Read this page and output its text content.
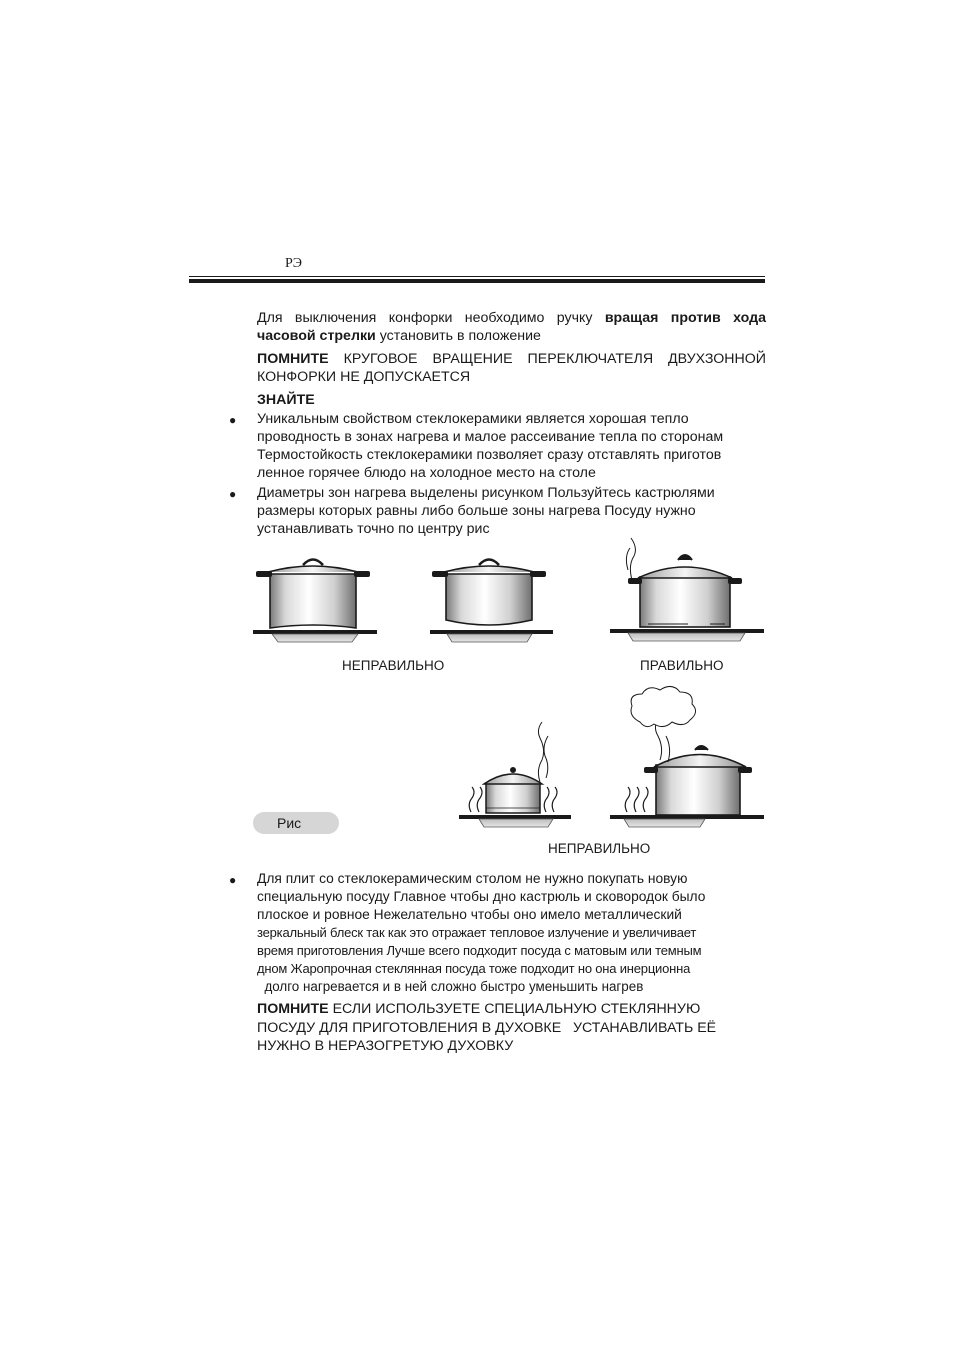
РЭ
Для выключения конфорки необходимо ручку вращая против хода часовой стрелки установить в положение
ПОМНИТЕ КРУГОВОЕ ВРАЩЕНИЕ ПЕРЕКЛЮЧАТЕЛЯ ДВУХЗОННОЙ КОНФОРКИ НЕ ДОПУСКАЕТСЯ
ЗНАЙТЕ
● Уникальным свойством стеклокерамики является хорошая тепло
проводность в зонах нагрева и малое рассеивание тепла по сторонам
Термостойкость стеклокерамики позволяет сразу отставлять приготов
ленное горячее блюдо на холодное место на столе
● Диаметры зон нагрева выделены рисунком Пользуйтесь кастрюлями
размеры которых равны либо больше зоны нагрева Посуду нужно
устанавливать точно по центру рис
НЕПРАВИЛЬНО	ПРАВИЛЬНО
НЕПРАВИЛЬНО
Рис
● Для плит со стеклокерамическим столом не нужно покупать новую
специальную посуду Главное чтобы дно кастрюль и сковородок было
плоское и ровное Нежелательно чтобы оно имело металлический
зеркальный блеск так как это отражает тепловое излучение и увеличивает
время приготовления Лучше всего подходит посуда с матовым или темным
дном Жаропрочная стеклянная посуда тоже подходит но она инерционна
долго нагревается и в ней сложно быстро уменьшить нагрев
ПОМНИТЕ ЕСЛИ ИСПОЛЬЗУЕТЕ СПЕЦИАЛЬНУЮ СТЕКЛЯННУЮ
ПОСУДУ ДЛЯ ПРИГОТОВЛЕНИЯ В ДУХОВКЕ   УСТАНАВЛИВАТЬ ЕЁ
НУЖНО В НЕРАЗОГРЕТУЮ ДУХОВКУ
